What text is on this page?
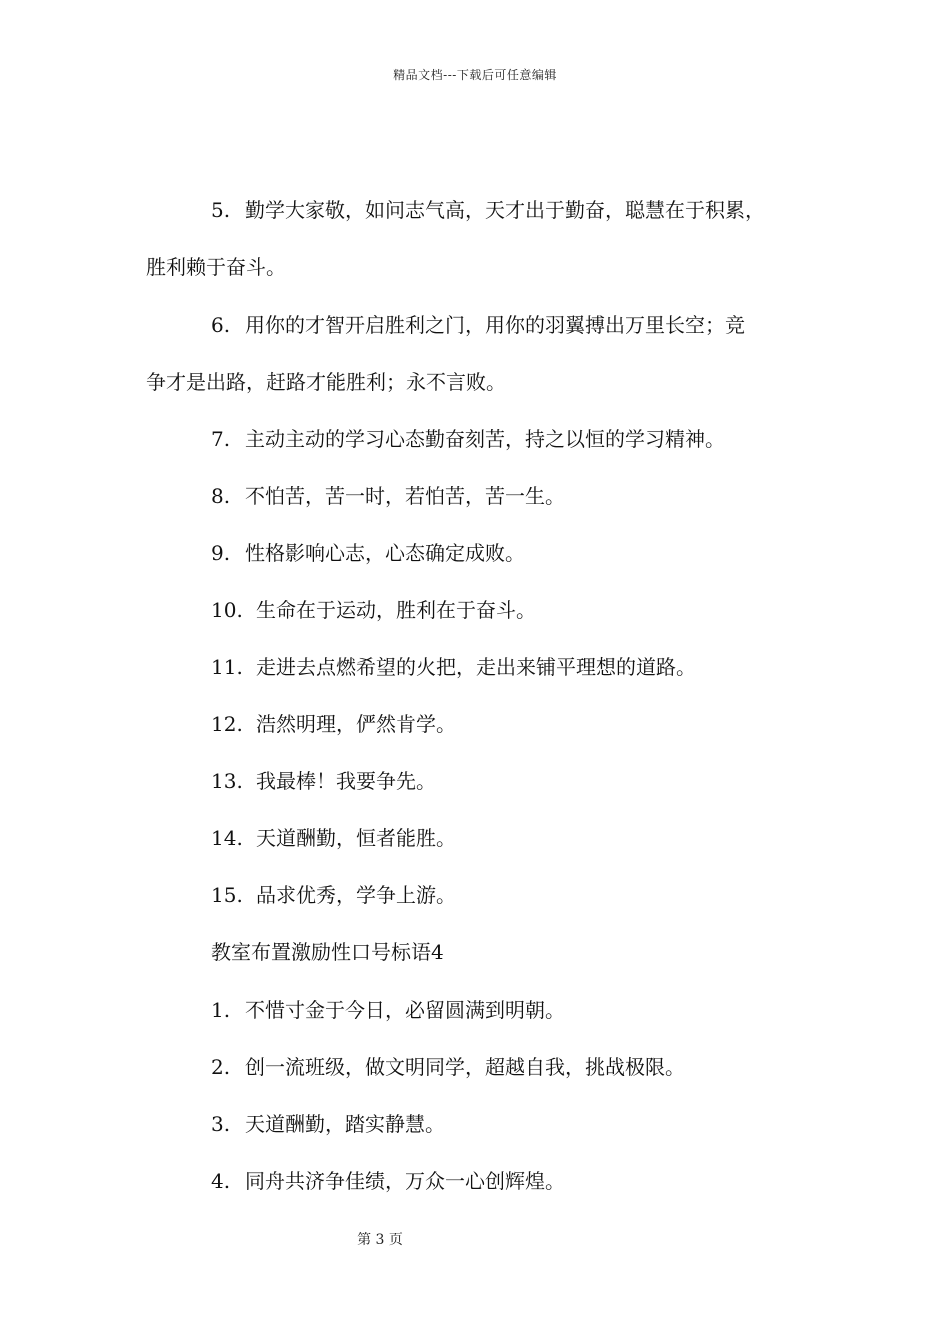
精品文档---下载后可任意编辑
5. 勤学大家敬，如问志气高，天才出于勤奋，聪慧在于积累，
胜利赖于奋斗。
6. 用你的才智开启胜利之门，用你的羽翼搏出万里长空；竞
争才是出路，赶路才能胜利；永不言败。
7. 主动主动的学习心态勤奋刻苦，持之以恒的学习精神。
8. 不怕苦，苦一时，若怕苦，苦一生。
9. 性格影响心志，心态确定成败。
10. 生命在于运动，胜利在于奋斗。
11. 走进去点燃希望的火把，走出来铺平理想的道路。
12. 浩然明理，俨然肯学。
13. 我最棒！我要争先。
14. 天道酬勤，恒者能胜。
15. 品求优秀，学争上游。
教室布置激励性口号标语4
1. 不惜寸金于今日，必留圆满到明朝。
2. 创一流班级，做文明同学，超越自我，挑战极限。
3. 天道酬勤，踏实静慧。
4. 同舟共济争佳绩，万众一心创辉煌。
第 3 页
